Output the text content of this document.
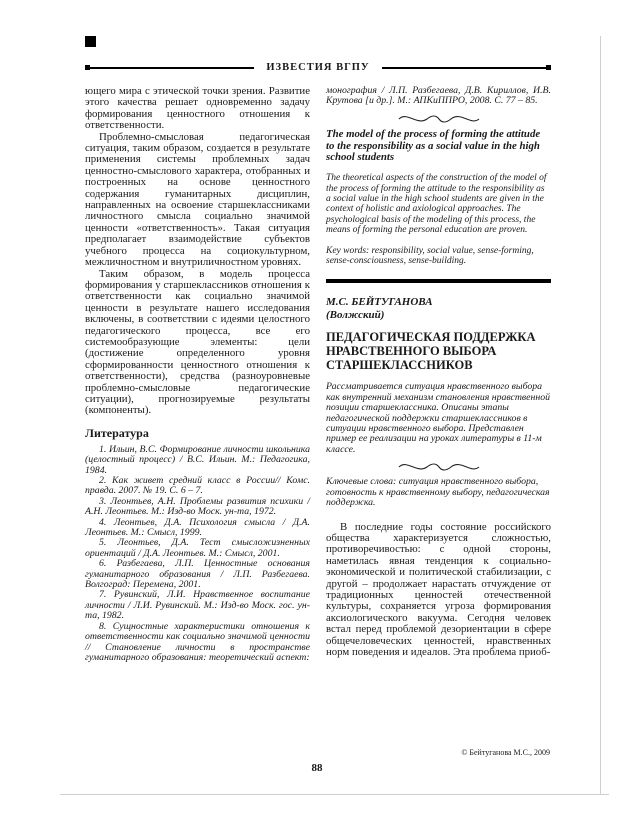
ИЗВЕСТИЯ ВГПУ

ющего мира с этической точки зрения. Развитие этого качества решает одновременно задачу формирования ценностного отношения к ответственности.

Проблемно-смысловая педагогическая ситуация, таким образом, создается в результате применения системы проблемных задач ценностно-смыслового характера, отобранных и построенных на основе ценностного содержания гуманитарных дисциплин, направленных на освоение старшеклассниками личностного смысла социально значимой ценности «ответственность». Такая ситуация предполагает взаимодействие субъектов учебного процесса на социокультурном, межличностном и внутриличностном уровнях.

Таким образом, в модель процесса формирования у старшеклассников отношения к ответственности как социально значимой ценности в результате нашего исследования включены, в соответствии с идеями целостного педагогического процесса, все его системообразующие элементы: цели (достижение определенного уровня сформированности ценностного отношения к ответственности), средства (разноуровневые проблемно-смысловые педагогические ситуации), прогнозируемые результаты (компоненты).

Литература

1. Ильин, В.С. Формирование личности школьника (целостный процесс) / В.С. Ильин. М.: Педагогика, 1984.

2. Как живет средний класс в России// Комс. правда. 2007. № 19. С. 6 – 7.

3. Леонтьев, А.Н. Проблемы развития психики / А.Н. Леонтьев. М.: Изд-во Моск. ун-та, 1972.

4. Леонтьев, Д.А. Психология смысла / Д.А. Леонтьев. М.: Смысл, 1999.

5. Леонтьев, Д.А. Тест смысложизненных ориентаций / Д.А. Леонтьев. М.: Смысл, 2001.

6. Разбегаева, Л.П. Ценностные основания гуманитарного образования / Л.П. Разбегаева. Волгоград: Перемена, 2001.

7. Рувинский, Л.И. Нравственное воспитание личности / Л.И. Рувинский. М.: Изд-во Моск. гос. ун-та, 1982.

8. Сущностные характеристики отношения к ответственности как социально значимой ценности // Становление личности в пространстве гуманитарного образования: теоретический аспект:

монография / Л.П. Разбегаева, Д.В. Кириллов, И.В. Крутова [и др.]. М.: АПКиППРО, 2008. С. 77 – 85.

The model of the process of forming the attitude to the responsibility as a social value in the high school students

The theoretical aspects of the construction of the model of the process of forming the attitude to the responsibility as a social value in the high school students are given in the context of holistic and axiological approaches. The psychological basis of the modeling of this process, the means of forming the personal education are proven.

Key words: responsibility, social value, sense-forming, sense-consciousness, sense-building.

М.С. БЕЙТУГАНОВА

(Волжский)

ПЕДАГОГИЧЕСКАЯ ПОДДЕРЖКА НРАВСТВЕННОГО ВЫБОРА СТАРШЕКЛАССНИКОВ

Рассматривается ситуация нравственного выбора как внутренний механизм становления нравственной позиции старшеклассника. Описаны этапы педагогической поддержки старшеклассников в ситуации нравственного выбора. Представлен пример ее реализации на уроках литературы в 11-м классе.

Ключевые слова: ситуация нравственного выбора, готовность к нравственному выбору, педагогическая поддержка.

В последние годы состояние российского общества характеризуется сложностью, противоречивостью: с одной стороны, наметилась явная тенденция к социально-экономической и политической стабилизации, с другой – продолжает нарастать отчуждение от традиционных ценностей отечественной культуры, сохраняется угроза формирования аксиологического вакуума. Сегодня человек встал перед проблемой дезориентации в сфере общечеловеческих ценностей, нравственных норм поведения и идеалов. Эта проблема приоб-

© Бейтуганова М.С., 2009
88
